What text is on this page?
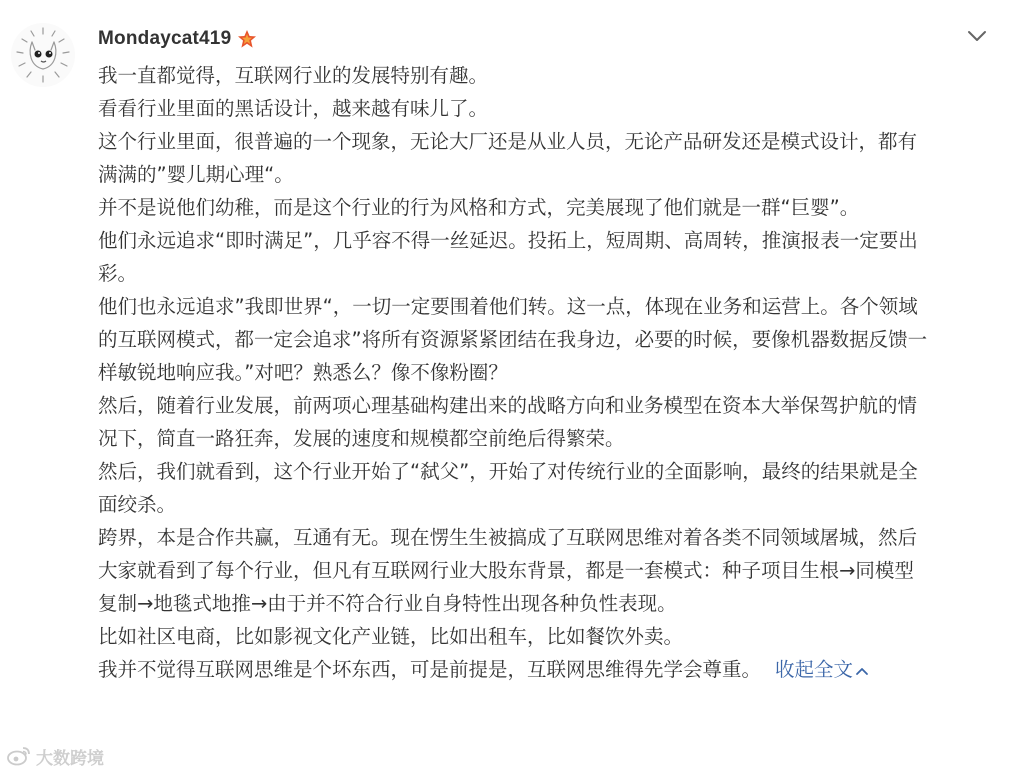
Mondaycat419

我一直都觉得，互联网行业的发展特别有趣。

看看行业里面的黑话设计，越来越有味儿了。

这个行业里面，很普遍的一个现象，无论大厂还是从业人员，无论产品研发还是模式设计，都有

满满的”婴儿期心理“。

并不是说他们幼稚，而是这个行业的行为风格和方式，完美展现了他们就是一群“巨婴”。

他们永远追求“即时满足”，几乎容不得一丝延迟。投拓上，短周期、高周转，推演报表一定要出

彩。

他们也永远追求”我即世界“，一切一定要围着他们转。这一点，体现在业务和运营上。各个领域

的互联网模式，都一定会追求”将所有资源紧紧团结在我身边，必要的时候，要像机器数据反馈一

样敏锐地响应我。”对吧？熟悉么？像不像粉圈？

然后，随着行业发展，前两项心理基础构建出来的战略方向和业务模型在资本大举保驾护航的情

况下，简直一路狂奔，发展的速度和规模都空前绝后得繁荣。

然后，我们就看到，这个行业开始了“弑父”，开始了对传统行业的全面影响，最终的结果就是全

面绞杀。

跨界，本是合作共赢，互通有无。现在愣生生被搞成了互联网思维对着各类不同领域屠城，然后

大家就看到了每个行业，但凡有互联网行业大股东背景，都是一套模式：种子项目生根→同模型

复制→地毯式地推→由于并不符合行业自身特性出现各种负性表现。

比如社区电商，比如影视文化产业链，比如出租车，比如餐饮外卖。

我并不觉得互联网思维是个坏东西，可是前提是，互联网思维得先学会尊重。 收起全文

大数跨境
